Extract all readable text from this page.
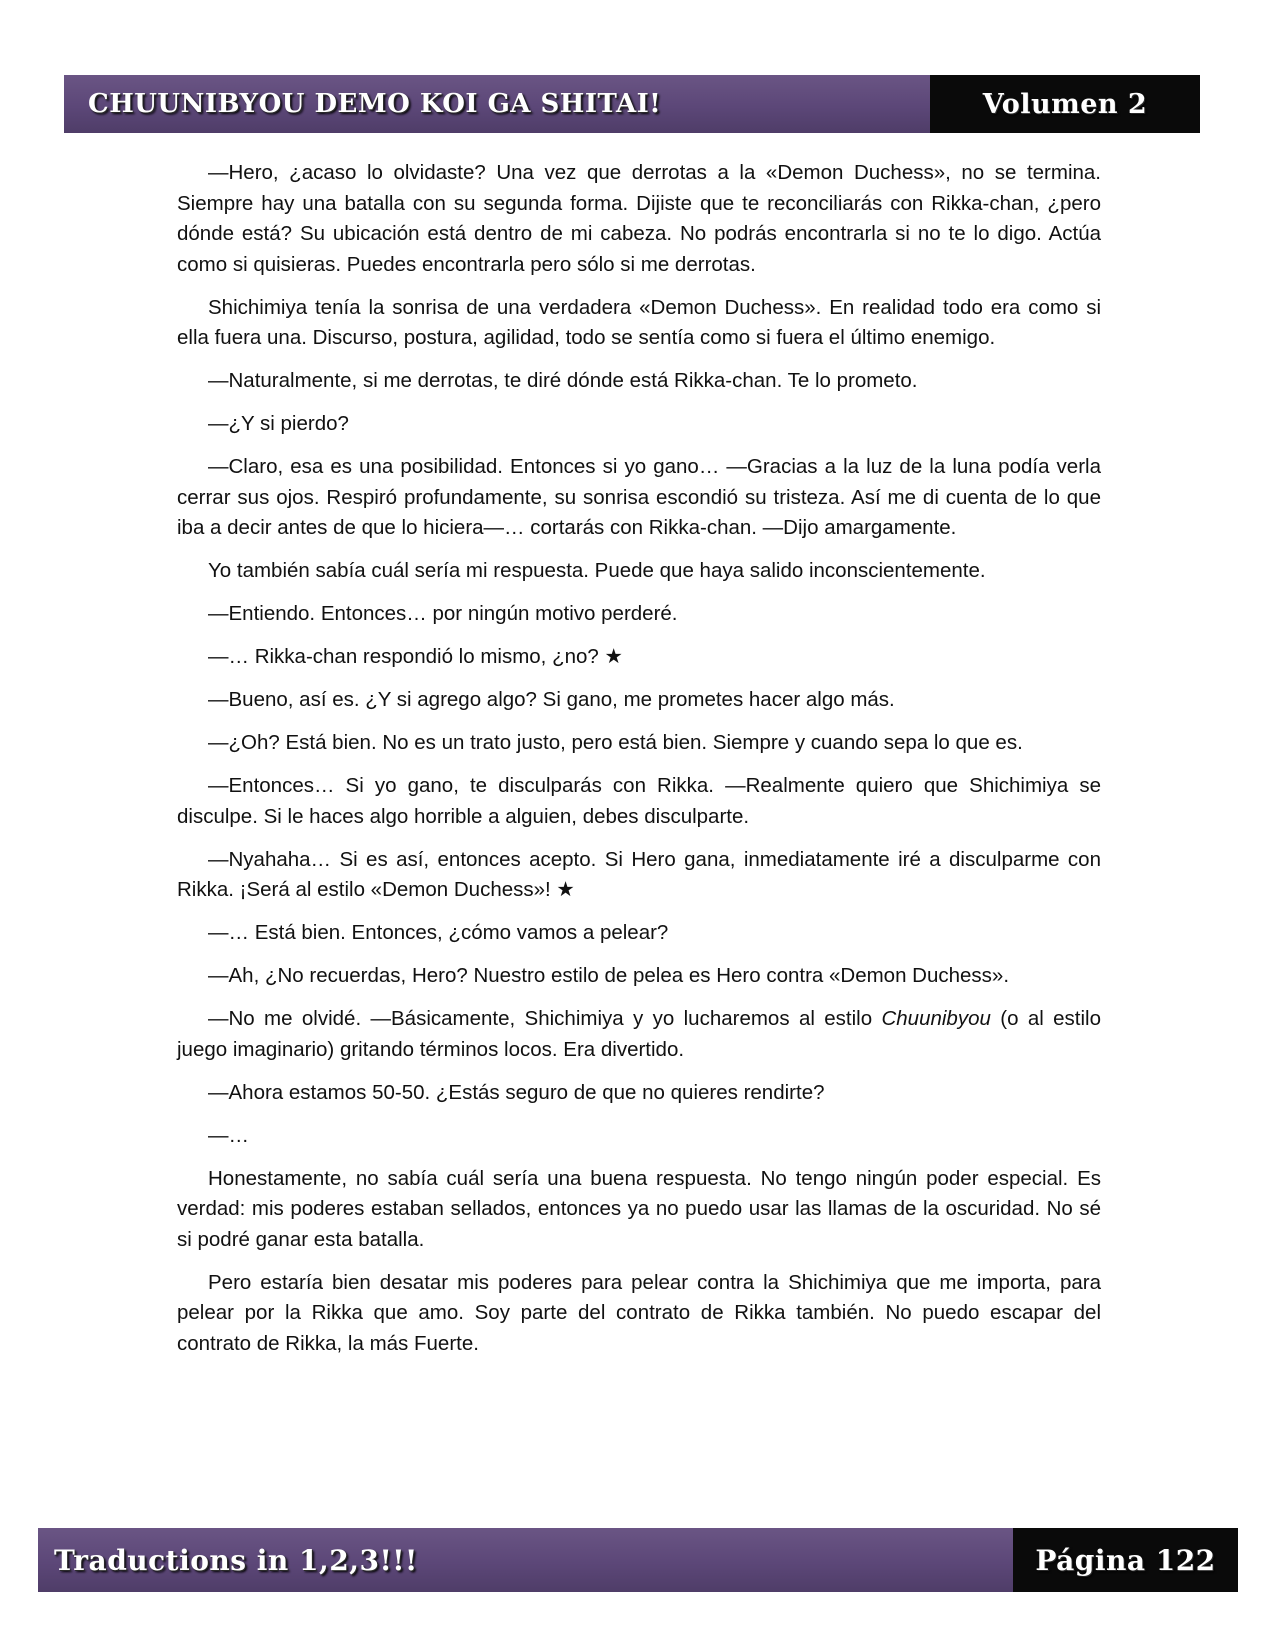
CHUUNIBYOU DEMO KOI GA SHITAI!	Volumen 2

—Hero, ¿acaso lo olvidaste? Una vez que derrotas a la «Demon Duchess», no se termina. Siempre hay una batalla con su segunda forma. Dijiste que te reconciliarás con Rikka-chan, ¿pero dónde está? Su ubicación está dentro de mi cabeza. No podrás encontrarla si no te lo digo. Actúa como si quisieras. Puedes encontrarla pero sólo si me derrotas.

Shichimiya tenía la sonrisa de una verdadera «Demon Duchess». En realidad todo era como si ella fuera una. Discurso, postura, agilidad, todo se sentía como si fuera el último enemigo.

—Naturalmente, si me derrotas, te diré dónde está Rikka-chan. Te lo prometo.

—¿Y si pierdo?

—Claro, esa es una posibilidad. Entonces si yo gano… —Gracias a la luz de la luna podía verla cerrar sus ojos. Respiró profundamente, su sonrisa escondió su tristeza. Así me di cuenta de lo que iba a decir antes de que lo hiciera—… cortarás con Rikka-chan. —Dijo amargamente.

Yo también sabía cuál sería mi respuesta. Puede que haya salido inconscientemente.

—Entiendo. Entonces… por ningún motivo perderé.

—… Rikka-chan respondió lo mismo, ¿no? ★

—Bueno, así es. ¿Y si agrego algo? Si gano, me prometes hacer algo más.

—¿Oh? Está bien. No es un trato justo, pero está bien. Siempre y cuando sepa lo que es.

—Entonces… Si yo gano, te disculparás con Rikka. —Realmente quiero que Shichimiya se disculpe. Si le haces algo horrible a alguien, debes disculparte.

—Nyahaha… Si es así, entonces acepto. Si Hero gana, inmediatamente iré a disculparme con Rikka. ¡Será al estilo «Demon Duchess»! ★

—… Está bien. Entonces, ¿cómo vamos a pelear?

—Ah, ¿No recuerdas, Hero? Nuestro estilo de pelea es Hero contra «Demon Duchess».

—No me olvidé. —Básicamente, Shichimiya y yo lucharemos al estilo Chuunibyou (o al estilo juego imaginario) gritando términos locos. Era divertido.

—Ahora estamos 50-50. ¿Estás seguro de que no quieres rendirte?

—…

Honestamente, no sabía cuál sería una buena respuesta. No tengo ningún poder especial. Es verdad: mis poderes estaban sellados, entonces ya no puedo usar las llamas de la oscuridad. No sé si podré ganar esta batalla.

Pero estaría bien desatar mis poderes para pelear contra la Shichimiya que me importa, para pelear por la Rikka que amo. Soy parte del contrato de Rikka también. No puedo escapar del contrato de Rikka, la más Fuerte.

Traductions in 1,2,3!!!	Página 122
